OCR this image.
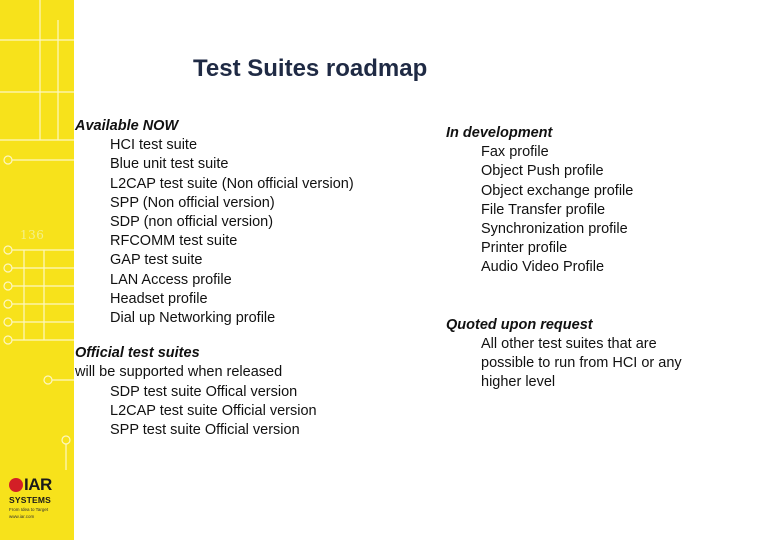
136
IAR
SYSTEMS
From Idea to Target
www.iar.com
Test Suites roadmap
Available NOW
HCI test suite
Blue unit test suite
L2CAP test suite (Non official version)
SPP (Non official version)
SDP (non official version)
RFCOMM test suite
GAP test suite
LAN Access profile
Headset profile
Dial up Networking profile
Official test suites
will be supported when released
SDP test suite Offical version
L2CAP test suite Official version
SPP test suite Official version
In development
Fax profile
Object Push profile
Object exchange profile
File Transfer profile
Synchronization profile
Printer profile
Audio Video Profile
Quoted upon request
All other test suites that are
possible to run from HCI or any
higher level
